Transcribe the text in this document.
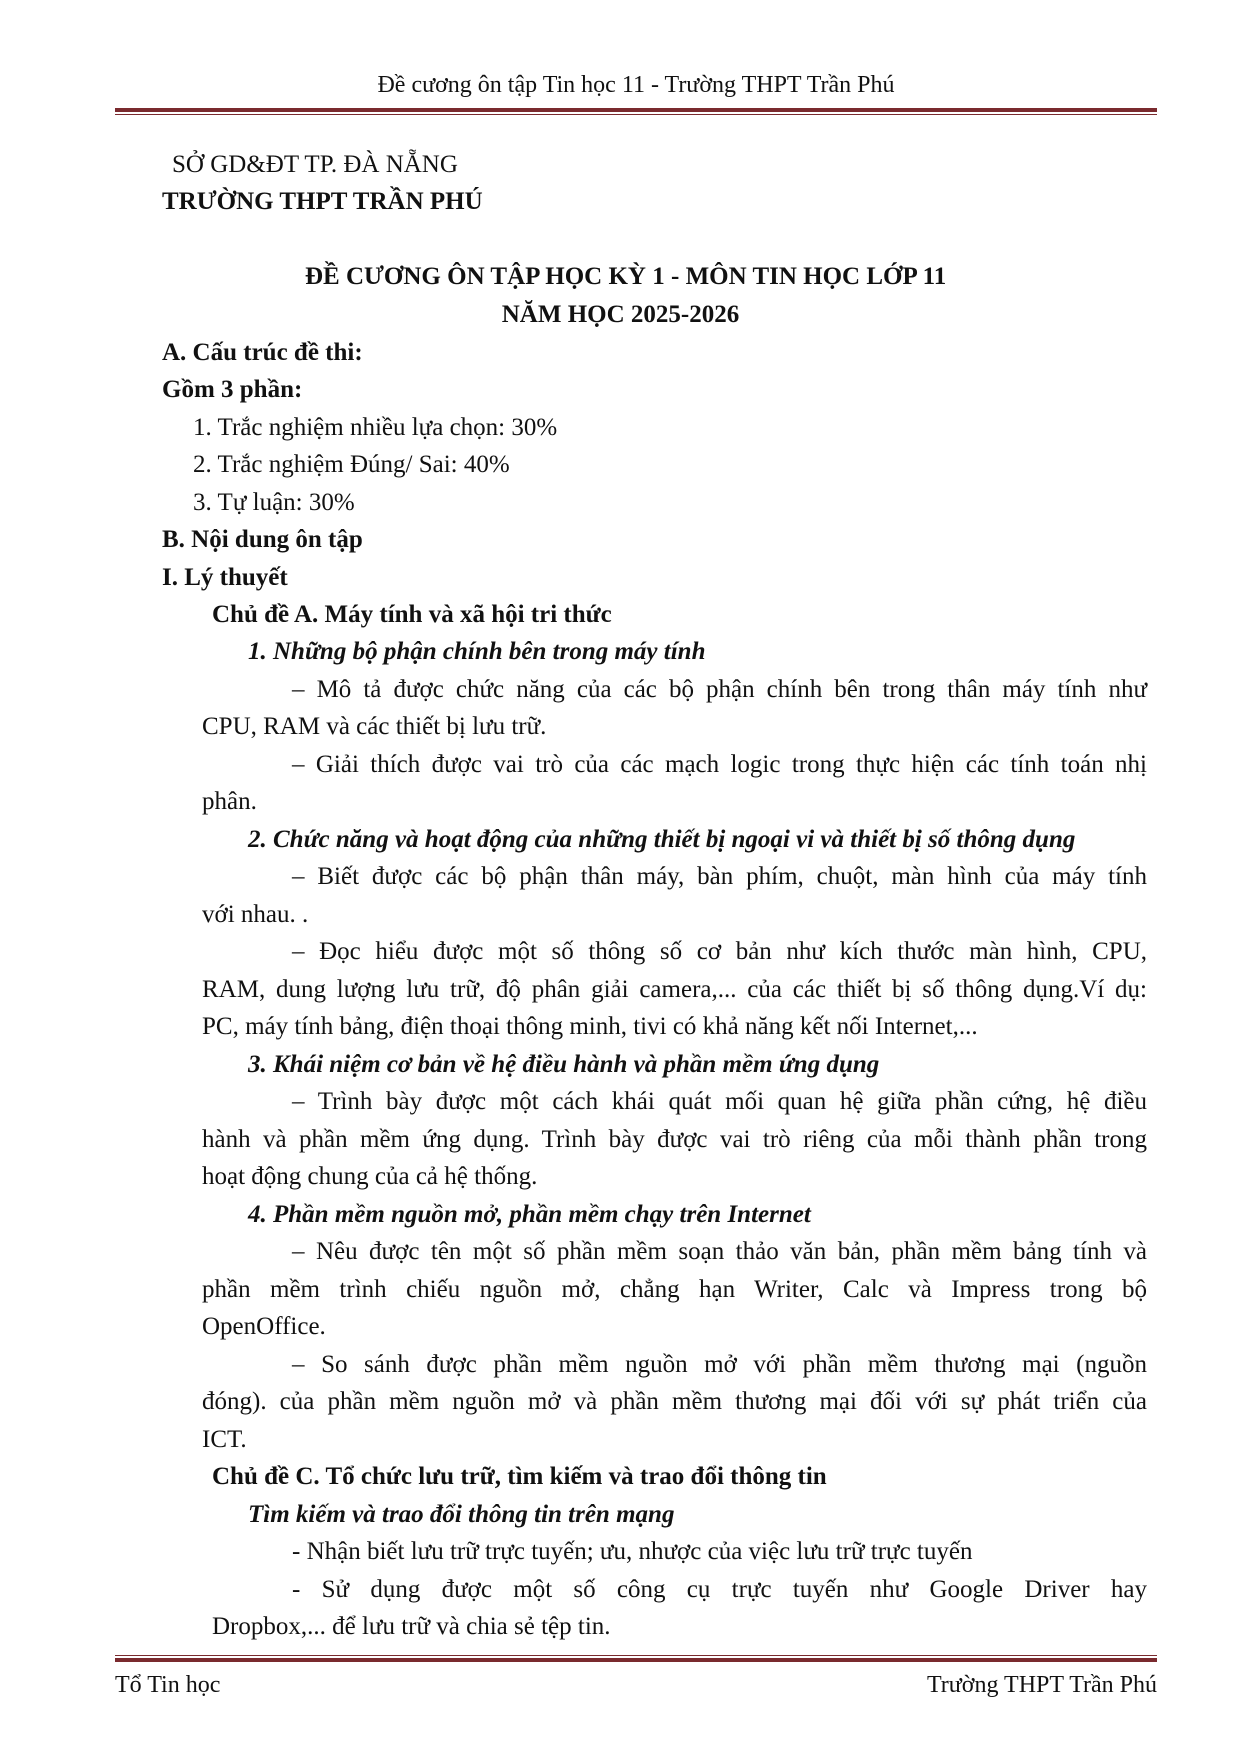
Đề cương ôn tập Tin học 11 - Trường THPT Trần Phú
SỞ GD&ĐT TP. ĐÀ NẴNG
TRƯỜNG THPT TRẦN PHÚ
ĐỀ CƯƠNG ÔN TẬP HỌC KỲ 1 - MÔN TIN HỌC LỚP 11
NĂM HỌC 2025-2026
A. Cấu trúc đề thi:
Gồm 3 phần:
1. Trắc nghiệm nhiều lựa chọn: 30%
2. Trắc nghiệm Đúng/ Sai: 40%
3. Tự luận: 30%
B. Nội dung ôn tập
I. Lý thuyết
Chủ đề A. Máy tính và xã hội tri thức
1. Những bộ phận chính bên trong máy tính
– Mô tả được chức năng của các bộ phận chính bên trong thân máy tính như
CPU, RAM và các thiết bị lưu trữ.
– Giải thích được vai trò của các mạch logic trong thực hiện các tính toán nhị
phân.
2. Chức năng và hoạt động của những thiết bị ngoại vi và thiết bị số thông dụng
– Biết được các bộ phận thân máy, bàn phím, chuột, màn hình của máy tính
với nhau. .
– Đọc hiểu được một số thông số cơ bản như kích thước màn hình, CPU,
RAM, dung lượng lưu trữ, độ phân giải camera,... của các thiết bị số thông dụng.Ví dụ:
PC, máy tính bảng, điện thoại thông minh, tivi có khả năng kết nối Internet,...
3. Khái niệm cơ bản về hệ điều hành và phần mềm ứng dụng
– Trình bày được một cách khái quát mối quan hệ giữa phần cứng, hệ điều
hành và phần mềm ứng dụng. Trình bày được vai trò riêng của mỗi thành phần trong
hoạt động chung của cả hệ thống.
4. Phần mềm nguồn mở, phần mềm chạy trên Internet
– Nêu được tên một số phần mềm soạn thảo văn bản, phần mềm bảng tính và
phần mềm trình chiếu nguồn mở, chẳng hạn Writer, Calc và Impress trong bộ
OpenOffice.
– So sánh được phần mềm nguồn mở với phần mềm thương mại (nguồn
đóng). của phần mềm nguồn mở và phần mềm thương mại đối với sự phát triển của
ICT.
Chủ đề C. Tổ chức lưu trữ, tìm kiếm và trao đổi thông tin
Tìm kiếm và trao đổi thông tin trên mạng
- Nhận biết lưu trữ trực tuyến; ưu, nhược của việc lưu trữ trực tuyến
- Sử dụng được một số công cụ trực tuyến như Google Driver hay
Dropbox,... để lưu trữ và chia sẻ tệp tin.
Tổ Tin học	Trường THPT Trần Phú
